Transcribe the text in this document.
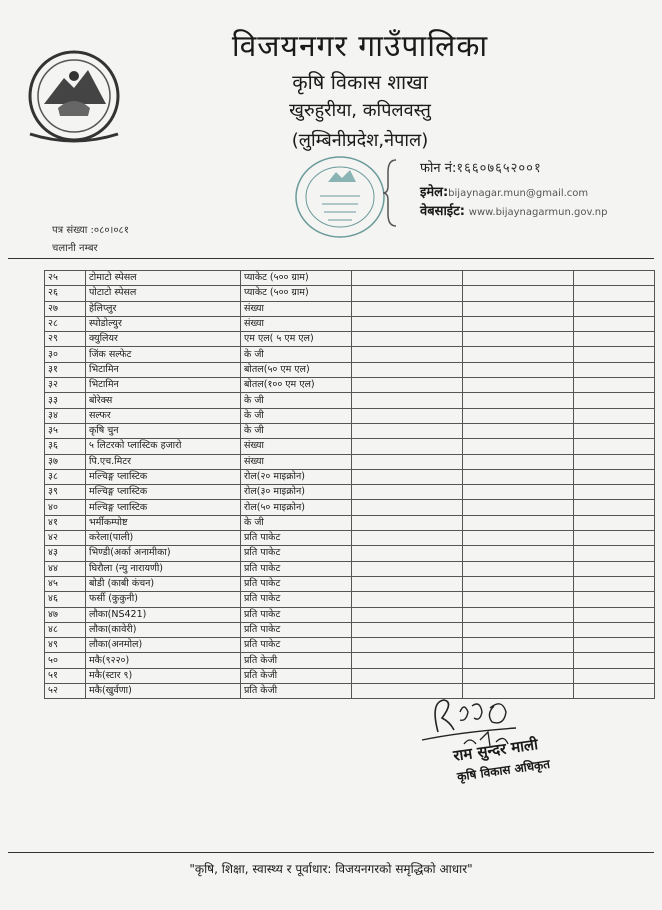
विजयनगर गाउँपालिका
कृषि विकास शाखा
खुरुहुरीया, कपिलवस्तु
(लुम्बिनीप्रदेश,नेपाल)
फोन नं:१६६०७६५२००१
इमेल:bijaynagar.mun@gmail.com
वेबसाईट: www.bijaynagarmun.gov.np
पत्र संख्या :०८०।०८१
चलानी नम्बर
२५	टोमाटो स्पेसल	प्याकेट (५०० ग्राम)			
२६	पोटाटो स्पेसल	प्याकेट (५०० ग्राम)			
२७	हेलिप्लुर	संख्या			
२८	स्पोडोल्युर	संख्या			
२९	क्युलियर	एम एल( ५ एम एल)			
३०	जिंक सल्फेट	के जी			
३१	भिटामिन	बोतल(५० एम एल)			
३२	भिटामिन	बोतल(१०० एम एल)			
३३	बोरेक्स	के जी			
३४	सल्फर	के जी			
३५	कृषि चुन	के जी			
३६	५ लिटरको प्लास्टिक हजारो	संख्या			
३७	पि.एच.मिटर	संख्या			
३८	मल्चिङ्ग प्लास्टिक	रोल(२० माइक्रोन)			
३९	मल्चिङ्ग प्लास्टिक	रोल(३० माइक्रोन)			
४०	मल्चिङ्ग प्लास्टिक	रोल(५० माइक्रोन)			
४१	भर्मीकम्पोष्ट	के जी			
४२	करेला(पाली)	प्रति पाकेट			
४३	भिण्डी(अर्का अनामीका)	प्रति पाकेट			
४४	घिरौला (न्यु नारायणी)	प्रति पाकेट			
४५	बोडी (काबी कंचन)	प्रति पाकेट			
४६	फर्सी (कुकुनी)	प्रति पाकेट			
४७	लौका(NS421)	प्रति पाकेट			
४८	लौका(कावेरी)	प्रति पाकेट			
४९	लौका(अनमोल)	प्रति पाकेट			
५०	मकै(९२२०)	प्रति केजी			
५१	मकै(स्टार ९)	प्रति केजी			
५२	मकै(खुर्वणा)	प्रति केजी			
राम सुन्दर माली
कृषि विकास अधिकृत
"कृषि, शिक्षा, स्वास्थ्य र पूर्वाधार: विजयनगरको समृद्धिको आधार"
